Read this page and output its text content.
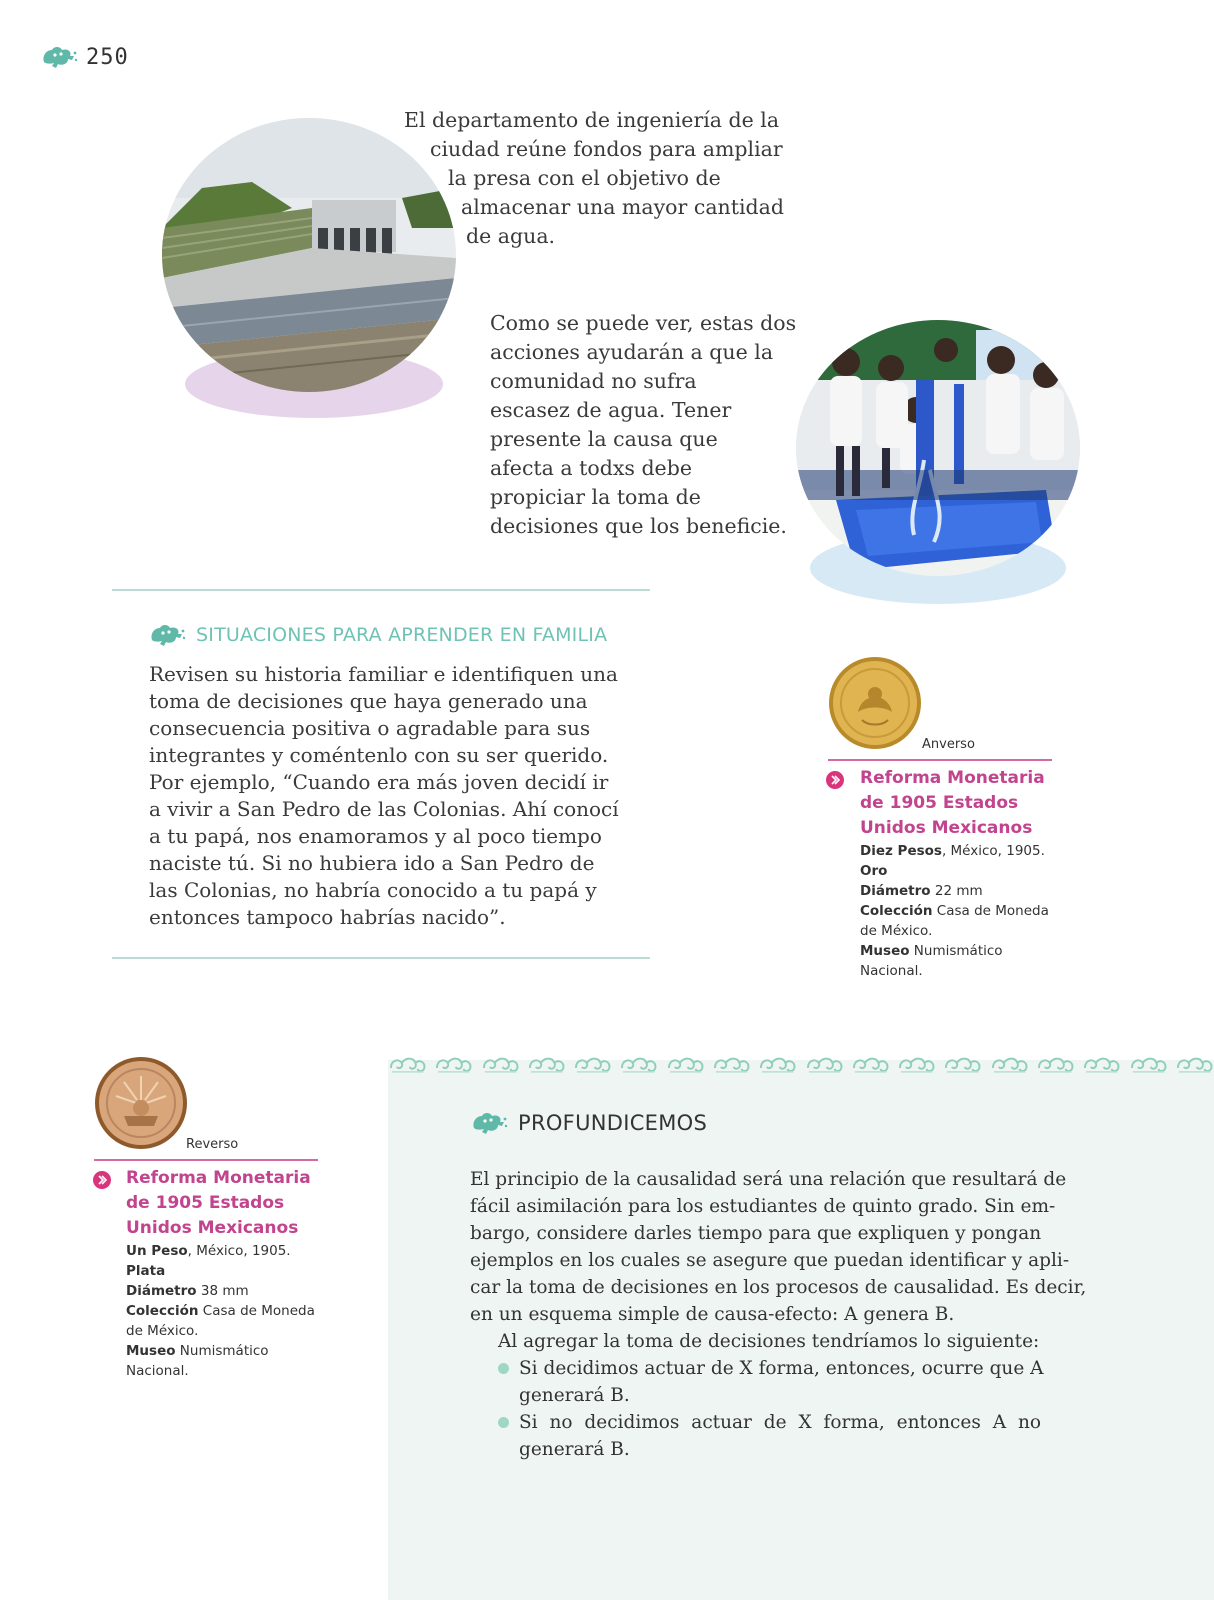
250
El departamento de ingeniería de la
ciudad reúne fondos para ampliar
la presa con el objetivo de
almacenar una mayor cantidad
de agua.
Como se puede ver, estas dos
acciones ayudarán a que la
comunidad no sufra
escasez de agua. Tener
presente la causa que
afecta a todxs debe
propiciar la toma de
decisiones que los beneficie.
SITUACIONES PARA APRENDER EN FAMILIA
Revisen su historia familiar e identifiquen una
toma de decisiones que haya generado una
consecuencia positiva o agradable para sus
integrantes y coméntenlo con su ser querido.
Por ejemplo, “Cuando era más joven decidí ir
a vivir a San Pedro de las Colonias. Ahí conocí
a tu papá, nos enamoramos y al poco tiempo
naciste tú. Si no hubiera ido a San Pedro de
las Colonias, no habría conocido a tu papá y
entonces tampoco habrías nacido”.
Anverso
Reforma Monetaria
de 1905 Estados
Unidos Mexicanos
Diez Pesos, México, 1905.
Oro
Diámetro 22 mm
Colección Casa de Moneda
de México.
Museo Numismático
Nacional.
Reverso
Reforma Monetaria
de 1905 Estados
Unidos Mexicanos
Un Peso, México, 1905.
Plata
Diámetro 38 mm
Colección Casa de Moneda
de México.
Museo Numismático
Nacional.
PROFUNDICEMOS
El principio de la causalidad será una relación que resultará de
fácil asimilación para los estudiantes de quinto grado. Sin em-
bargo, considere darles tiempo para que expliquen y pongan
ejemplos en los cuales se asegure que puedan identificar y apli-
car la toma de decisiones en los procesos de causalidad. Es decir,
en un esquema simple de causa-efecto: A genera B.
Al agregar la toma de decisiones tendríamos lo siguiente:
Si decidimos actuar de X forma, entonces, ocurre que A
generará B.
Si no decidimos actuar de X forma, entonces A no
generará B.
